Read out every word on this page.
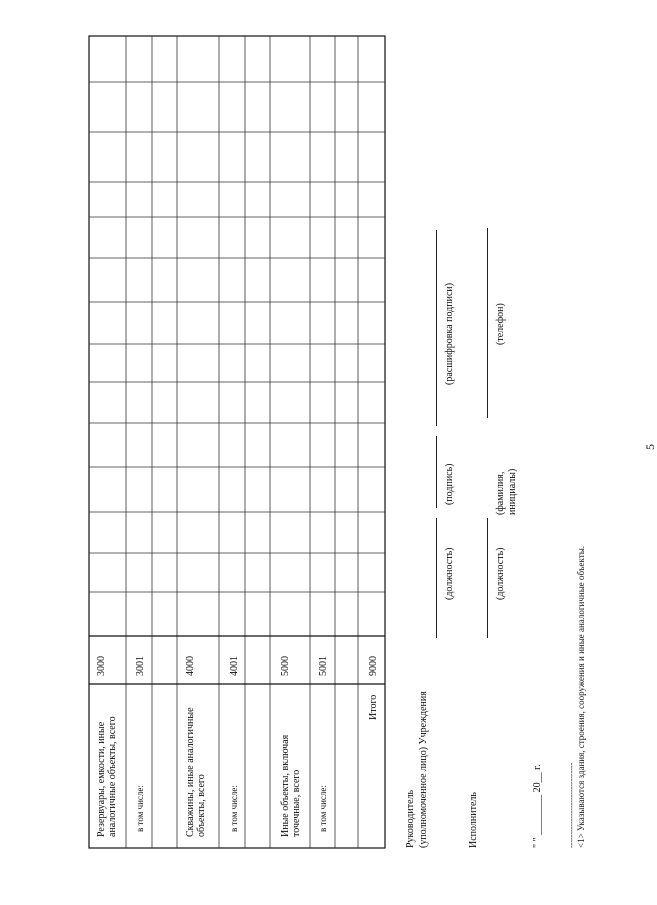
5
Резервуары, емкости, иные аналогичные объекты, всего
3000
в том числе:
3001
Скважины, иные аналогичные объекты, всего
4000
в том числе:
4001
Иные объекты, включая точечные, всего
5000
в том числе:
5001
Итого
9000
Руководитель (уполномоченное лицо) Учреждения
(должность)
(подпись)
(расшифровка подписи)
Исполнитель
(должность)
(фамилия, инициалы)
(телефон)
" " ________ 20__ г.	-------------------------------- <1> Указываются здания, строения, сооружения и иные аналогичные объекты.
